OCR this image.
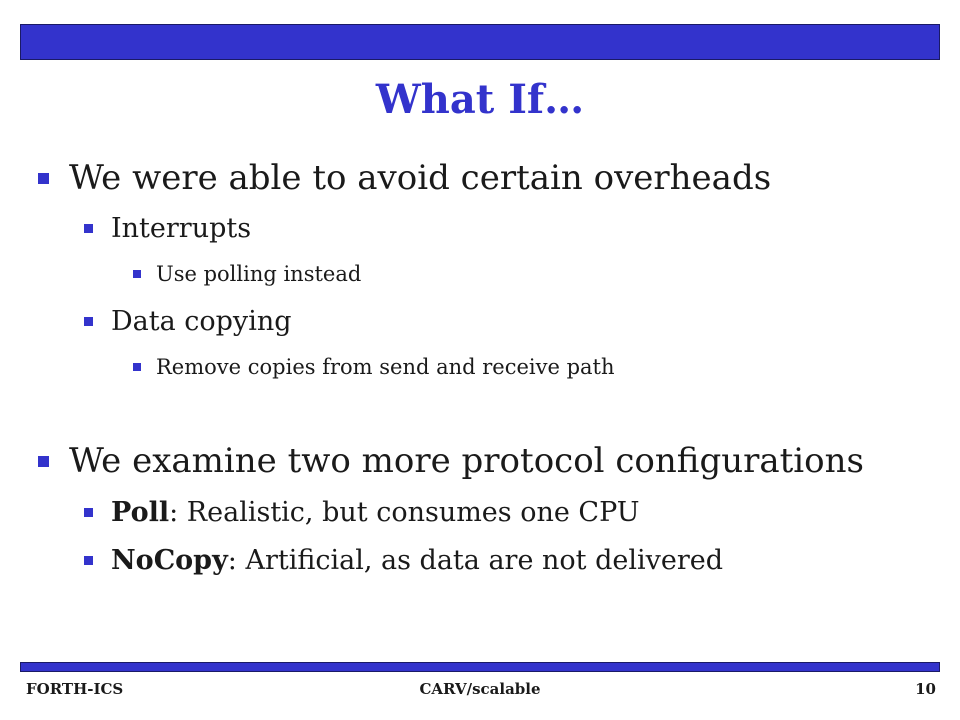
What If…
We were able to avoid certain overheads
Interrupts
Use polling instead
Data copying
Remove copies from send and receive path
We examine two more protocol configurations
Poll: Realistic, but consumes one CPU
NoCopy: Artificial, as data are not delivered
FORTH-ICS	CARV/scalable	10
